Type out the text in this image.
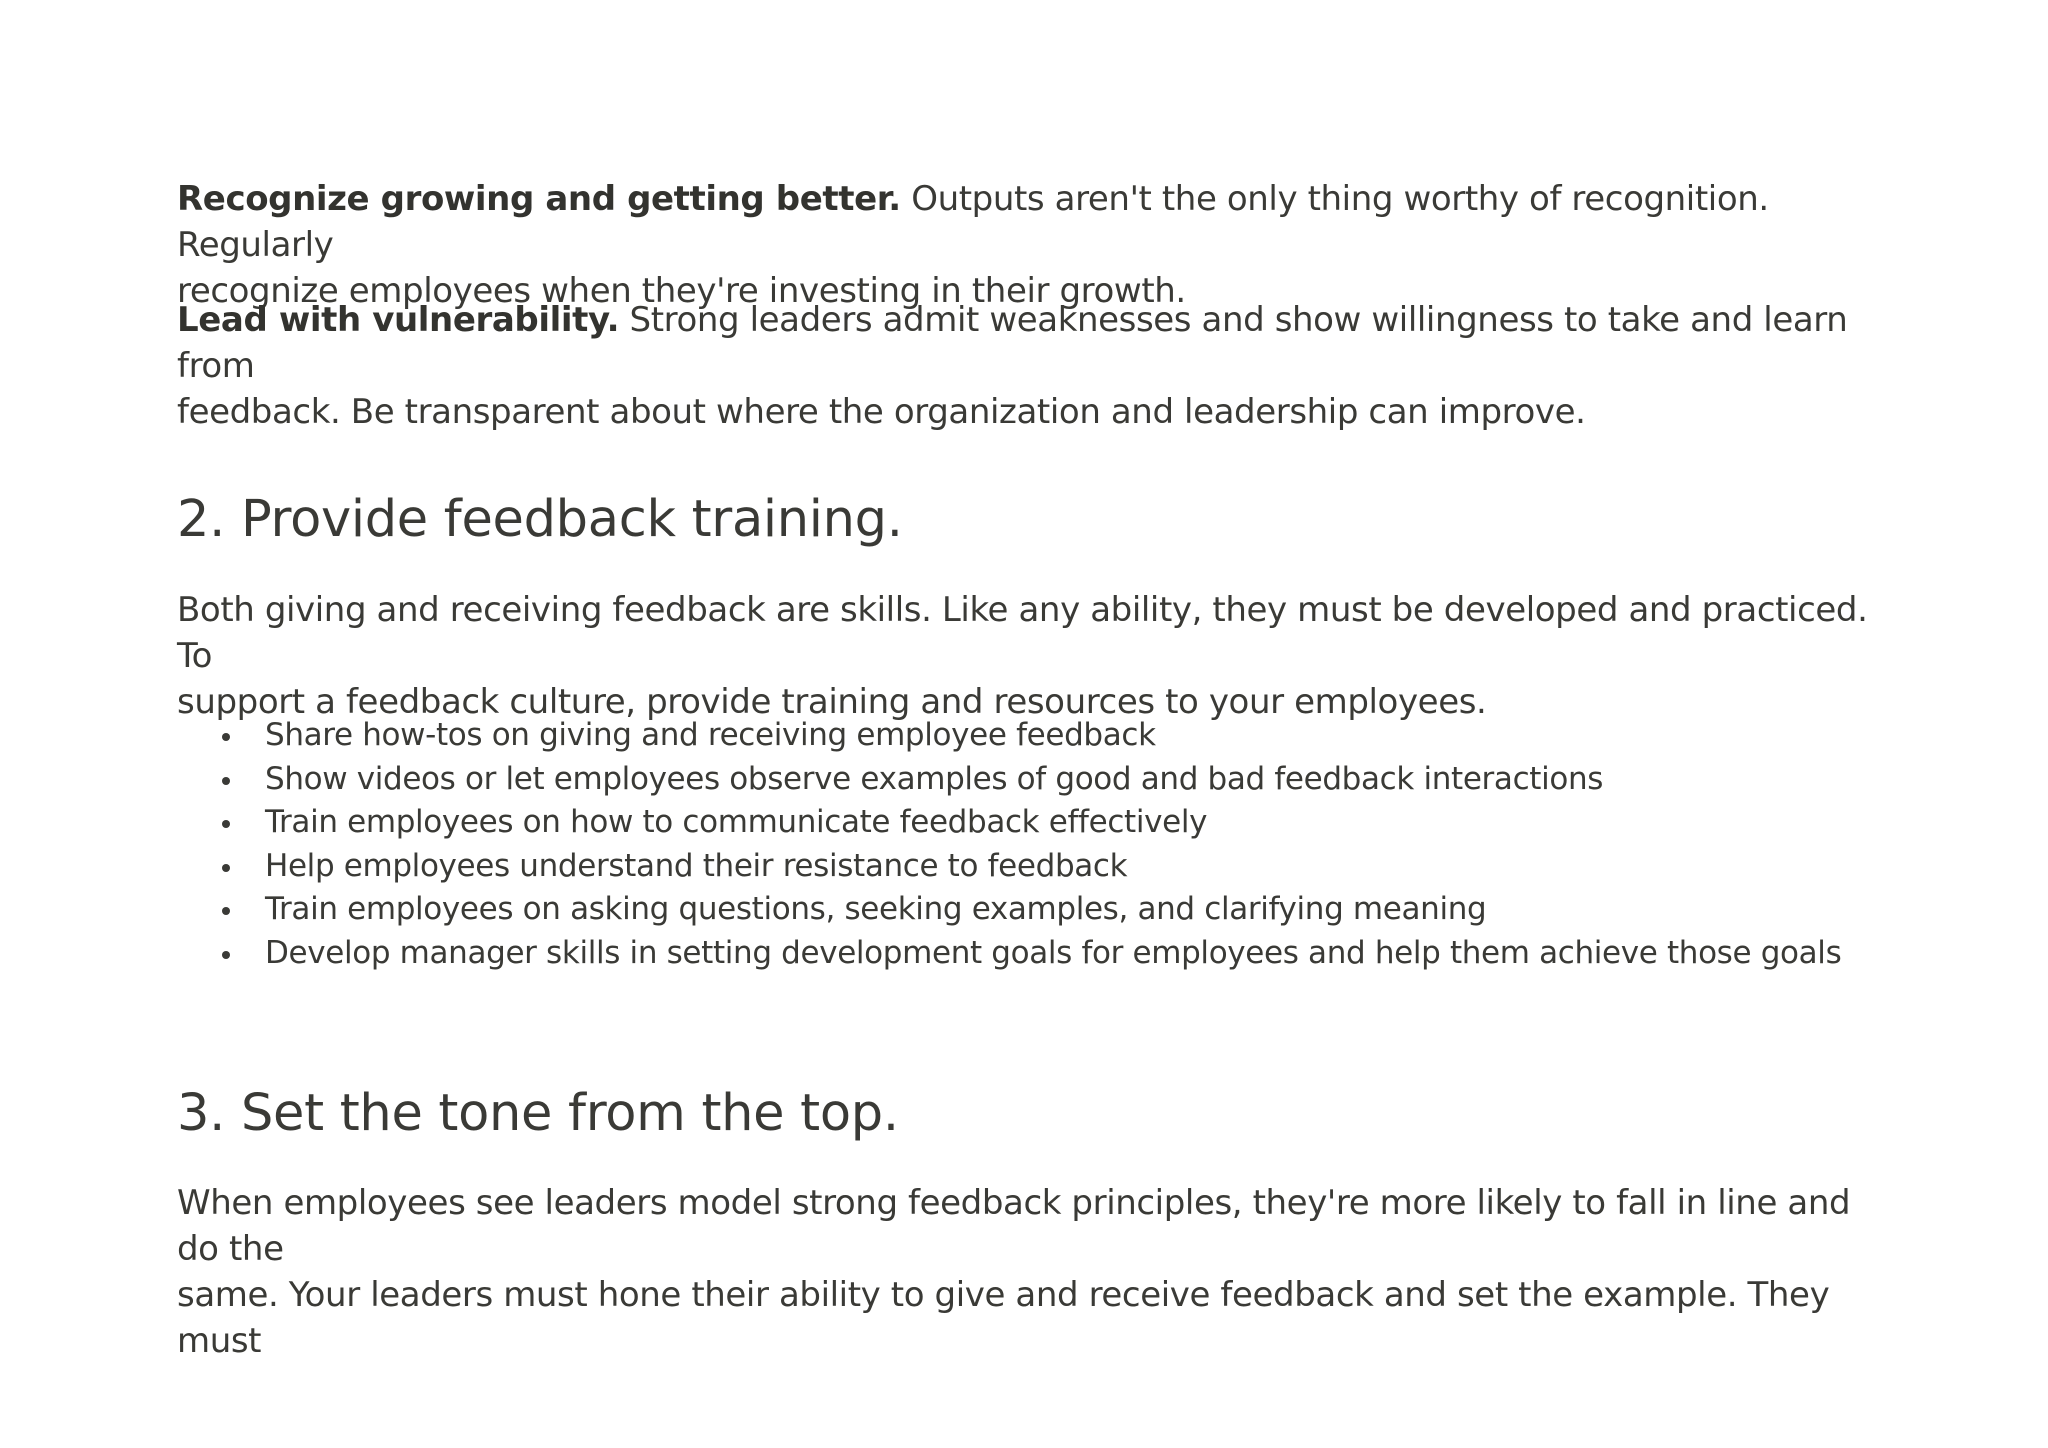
Recognize growing and getting better. Outputs aren't the only thing worthy of recognition. Regularly
recognize employees when they're investing in their growth.

Lead with vulnerability. Strong leaders admit weaknesses and show willingness to take and learn from
feedback. Be transparent about where the organization and leadership can improve.

2. Provide feedback training.

Both giving and receiving feedback are skills. Like any ability, they must be developed and practiced. To
support a feedback culture, provide training and resources to your employees.

Share how-tos on giving and receiving employee feedback
Show videos or let employees observe examples of good and bad feedback interactions
Train employees on how to communicate feedback effectively
Help employees understand their resistance to feedback
Train employees on asking questions, seeking examples, and clarifying meaning
Develop manager skills in setting development goals for employees and help them achieve those goals
3. Set the tone from the top.

When employees see leaders model strong feedback principles, they're more likely to fall in line and do the
same. Your leaders must hone their ability to give and receive feedback and set the example. They must
